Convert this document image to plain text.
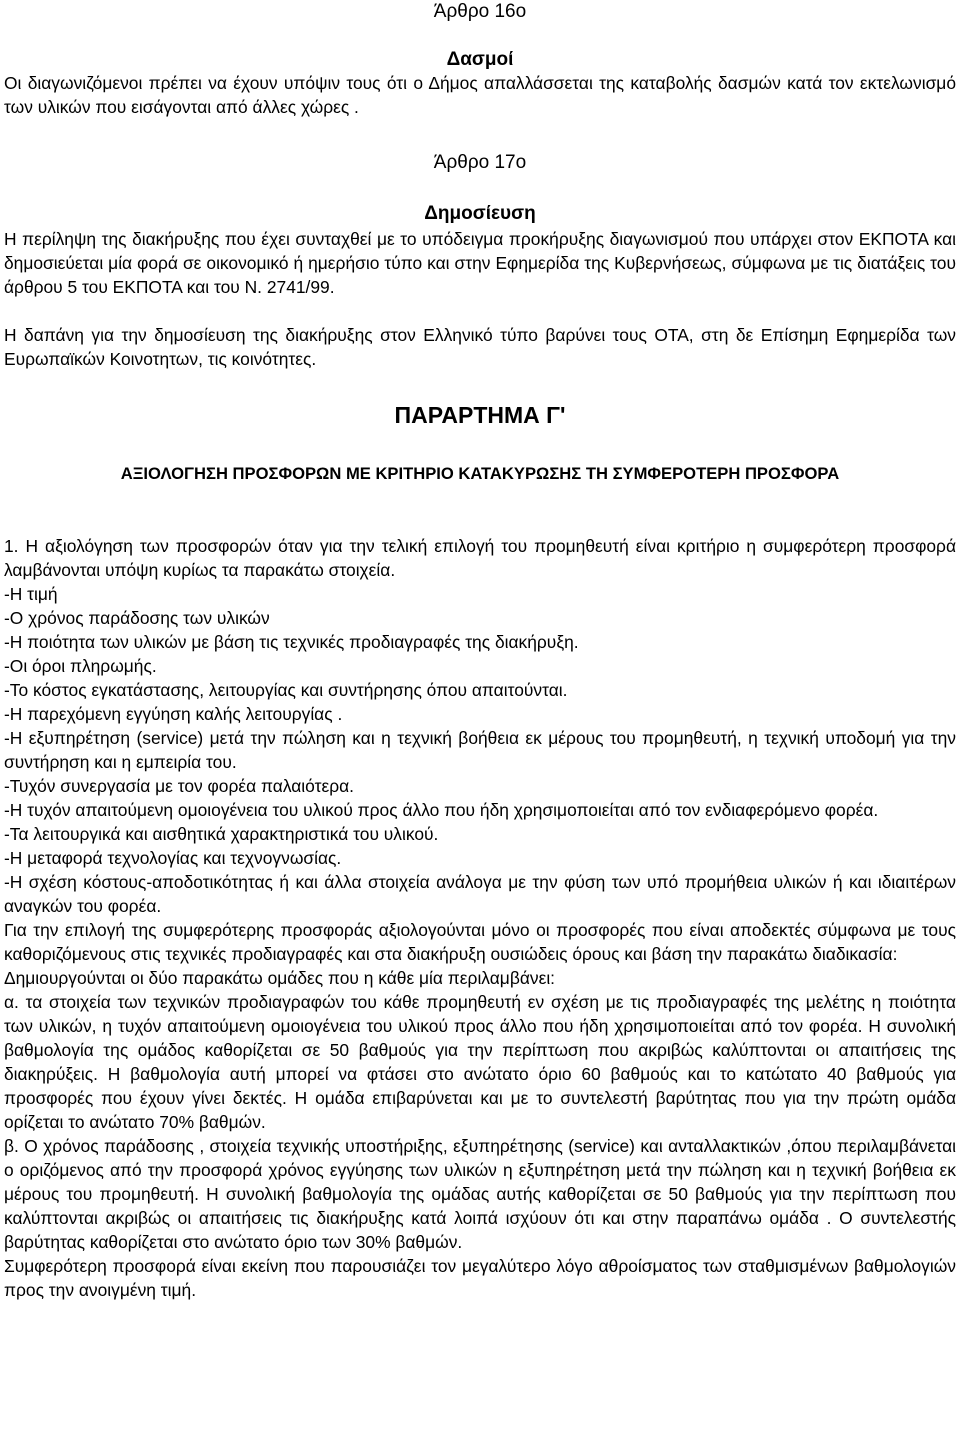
Άρθρο 16ο
Δασμοί

Οι διαγωνιζόμενοι πρέπει να έχουν υπόψιν τους ότι ο Δήμος απαλλάσσεται της καταβολής δασμών κατά τον εκτελωνισμό των υλικών που εισάγονται από άλλες χώρες .

Άρθρο 17ο
Δημοσίευση

Η περίληψη της διακήρυξης που έχει συνταχθεί με το υπόδειγμα προκήρυξης διαγωνισμού που υπάρχει στον ΕΚΠΟΤΑ και δημοσιεύεται μία φορά σε οικονομικό ή ημερήσιο τύπο και στην Εφημερίδα της Κυβερνήσεως, σύμφωνα με τις διατάξεις του άρθρου 5 του ΕΚΠΟΤΑ και του Ν. 2741/99.

Η δαπάνη για την δημοσίευση της διακήρυξης στον Ελληνικό τύπο βαρύνει τους ΟΤΑ, στη δε Επίσημη Εφημερίδα των Ευρωπαϊκών Κοινοτητων, τις κοινότητες.

ΠΑΡΑΡΤΗΜΑ Γ'
ΑΞΙΟΛΟΓΗΣΗ ΠΡΟΣΦΟΡΩΝ ΜΕ ΚΡΙΤΗΡΙΟ ΚΑΤΑΚΥΡΩΣΗΣ ΤΗ ΣΥΜΦΕΡΟΤΕΡΗ ΠΡΟΣΦΟΡΑ

1. Η αξιολόγηση των προσφορών όταν για την τελική επιλογή του προμηθευτή είναι κριτήριο η συμφερότερη προσφορά λαμβάνονται υπόψη κυρίως τα παρακάτω στοιχεία.

-Η τιμή

-Ο χρόνος παράδοσης των υλικών

-Η ποιότητα των υλικών με βάση τις τεχνικές προδιαγραφές της διακήρυξη.

-Οι όροι πληρωμής.

-Το κόστος εγκατάστασης, λειτουργίας και συντήρησης όπου απαιτούνται.

-Η παρεχόμενη εγγύηση καλής λειτουργίας .

-Η εξυπηρέτηση (service) μετά την πώληση και η τεχνική βοήθεια εκ μέρους του προμηθευτή, η τεχνική υποδομή για την συντήρηση και η εμπειρία του.

-Τυχόν συνεργασία με τον φορέα παλαιότερα.

-Η τυχόν απαιτούμενη ομοιογένεια του υλικού προς άλλο που ήδη χρησιμοποιείται από τον ενδιαφερόμενο φορέα.

-Τα λειτουργικά και αισθητικά χαρακτηριστικά του υλικού.

-Η μεταφορά τεχνολογίας και τεχνογνωσίας.

-Η σχέση κόστους-αποδοτικότητας ή και άλλα στοιχεία ανάλογα με την φύση των υπό προμήθεια υλικών ή και ιδιαιτέρων αναγκών του φορέα.

Για την επιλογή της συμφερότερης προσφοράς αξιολογούνται μόνο οι προσφορές που είναι αποδεκτές σύμφωνα με τους καθοριζόμενους στις τεχνικές προδιαγραφές και στα διακήρυξη ουσιώδεις όρους και βάση την παρακάτω διαδικασία:

Δημιουργούνται οι δύο παρακάτω ομάδες που η κάθε μία περιλαμβάνει:

α. τα στοιχεία των τεχνικών προδιαγραφών του κάθε προμηθευτή εν σχέση με τις προδιαγραφές της μελέτης η ποιότητα των υλικών, η τυχόν απαιτούμενη ομοιογένεια του υλικού προς άλλο που ήδη χρησιμοποιείται από τον φορέα. Η συνολική βαθμολογία της ομάδος καθορίζεται σε 50 βαθμούς για την περίπτωση που ακριβώς καλύπτονται οι απαιτήσεις της διακηρύξεις. Η βαθμολογία αυτή μπορεί να φτάσει στο ανώτατο όριο 60 βαθμούς και το κατώτατο 40 βαθμούς για προσφορές που έχουν γίνει δεκτές. Η ομάδα επιβαρύνεται και με το συντελεστή βαρύτητας που για την πρώτη ομάδα ορίζεται το ανώτατο 70% βαθμών.

β. Ο χρόνος παράδοσης , στοιχεία τεχνικής υποστήριξης, εξυπηρέτησης (service) και ανταλλακτικών ,όπου περιλαμβάνεται ο οριζόμενος από την προσφορά χρόνος εγγύησης των υλικών η εξυπηρέτηση μετά την πώληση και η τεχνική βοήθεια εκ μέρους του προμηθευτή. Η συνολική βαθμολογία της ομάδας αυτής καθορίζεται σε 50 βαθμούς για την περίπτωση που καλύπτονται ακριβώς οι απαιτήσεις τις διακήρυξης κατά λοιπά ισχύουν ότι και στην παραπάνω ομάδα . Ο συντελεστής βαρύτητας καθορίζεται στο ανώτατο όριο των 30% βαθμών.

Συμφερότερη προσφορά είναι εκείνη που παρουσιάζει τον μεγαλύτερο λόγο αθροίσματος των σταθμισμένων βαθμολογιών προς την ανοιγμένη τιμή.
